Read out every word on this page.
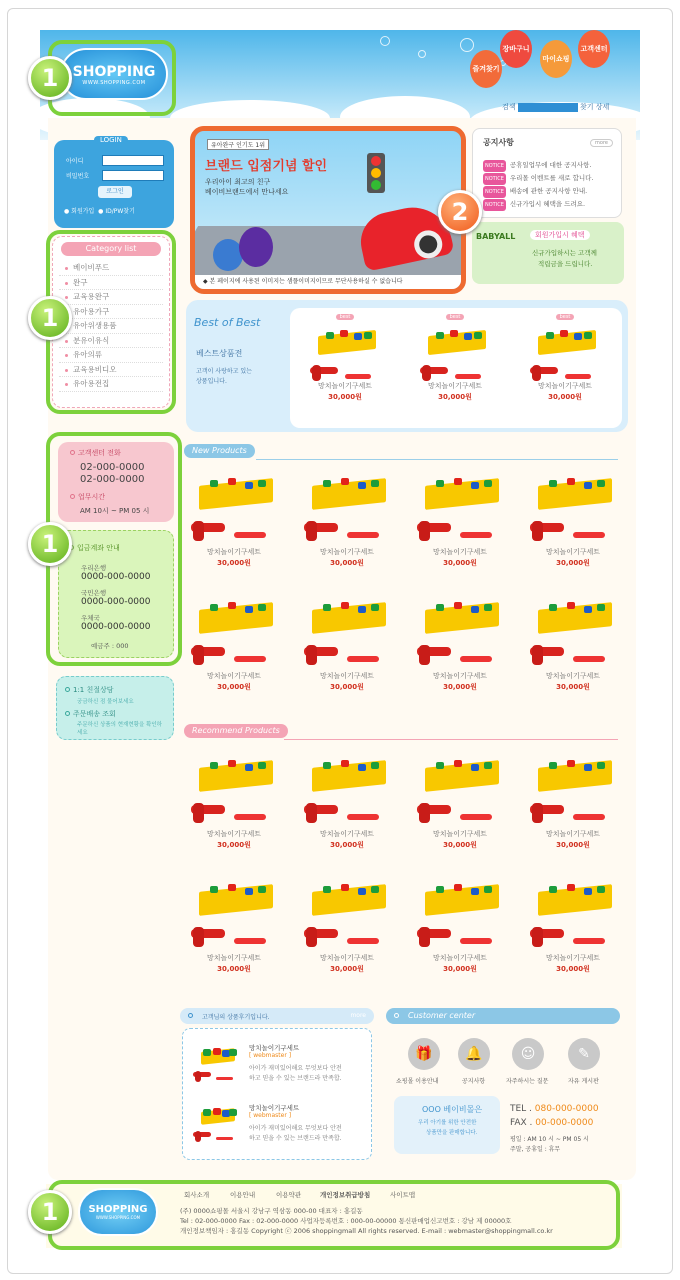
SHOPPING
WWW.SHOPPING.COM
즐겨찾기
장바구니
마이쇼핑
고객센터
검색	찾기 상세
LOGIN
아이디
비밀번호
로그인
● 회원가입  ● ID/PW찾기
Category list
베이비푸드
완구
교육용완구
유아용가구
유아위생용품
분유이유식
유아의류
교육용비디오
유아용전집
고객센터 전화
02-000-0000
02-000-0000
업무시간
AM 10시 ~ PM 05 시
입금계좌 안내
우리은행
0000-000-0000
국민은행
0000-000-0000
우체국
0000-000-0000
예금주 : 000
1:1 친절상담
궁금하신 점 물어보세요
주문배송 조회
주문하신 상품의 현재현황을 확인하세요
유아완구 인기도 1위
브랜드 입점기념 할인
우리아이 최고의 친구
베이비브랜드에서 만나세요
◆ 본 페이지에 사용된 이미지는 샘플이미지이므로 무단사용하실 수 없습니다
공지사항	more
NOTICE 공휴일업무에 대한 공지사항.
NOTICE 우리몰 이벤트를 새로 합니다.
NOTICE 배송에 관한 공지사항 안내.
NOTICE 신규가입시 혜택을 드려요.
BABYALL	회원가입시 혜택
신규가입하시는 고객께
적립금을 드립니다.
Best of Best
베스트상품전
고객이 사랑하고 있는
상품입니다.
best
망치놀이기구세트
30,000원
best
망치놀이기구세트
30,000원
best
망치놀이기구세트
30,000원
New Products
망치놀이기구세트
30,000원
망치놀이기구세트
30,000원
망치놀이기구세트
30,000원
망치놀이기구세트
30,000원
망치놀이기구세트
30,000원
망치놀이기구세트
30,000원
망치놀이기구세트
30,000원
망치놀이기구세트
30,000원
Recommend Products
망치놀이기구세트
30,000원
망치놀이기구세트
30,000원
망치놀이기구세트
30,000원
망치놀이기구세트
30,000원
망치놀이기구세트
30,000원
망치놀이기구세트
30,000원
망치놀이기구세트
30,000원
망치놀이기구세트
30,000원
고객님의 상품후기입니다.	more
망치놀이기구세트
[ webmaster ]
아이가 재미있어해요 무엇보다 안전
하고 믿을 수 있는 브랜드라 만족합.
망치놀이기구세트
[ webmaster ]
아이가 재미있어해요 무엇보다 안전
하고 믿을 수 있는 브랜드라 만족합.
Customer center
🎁	🔔	☺	✎
쇼핑몰 이용안내	공지사항	자주하시는 질문	자유 게시판
OOO 베이비몰은
우리 아기를 위한 안전한
상품만을 판매합니다.
TEL . 080-000-0000
FAX . 00-000-0000
평일 : AM 10 시 ~ PM 05 시
주말, 공휴일 : 휴무
SHOPPING
WWW.SHOPPING.COM
회사소개	이용안내	이용약관	개인정보취급방침	사이트맵
(주) 0000쇼핑몰 서울시 강남구 역삼동 000-00 대표자 : 홍길동
Tel : 02-000-0000 Fax : 02-000-0000 사업자등록번호 : 000-00-00000 통신판매업신고번호 : 강남 제 00000호
개인정보책임자 : 홍길동 Copyright ⓒ 2006 shoppingmall All rights reserved. E-mail : webmaster@shoppingmall.co.kr
1
1
1
1
2
